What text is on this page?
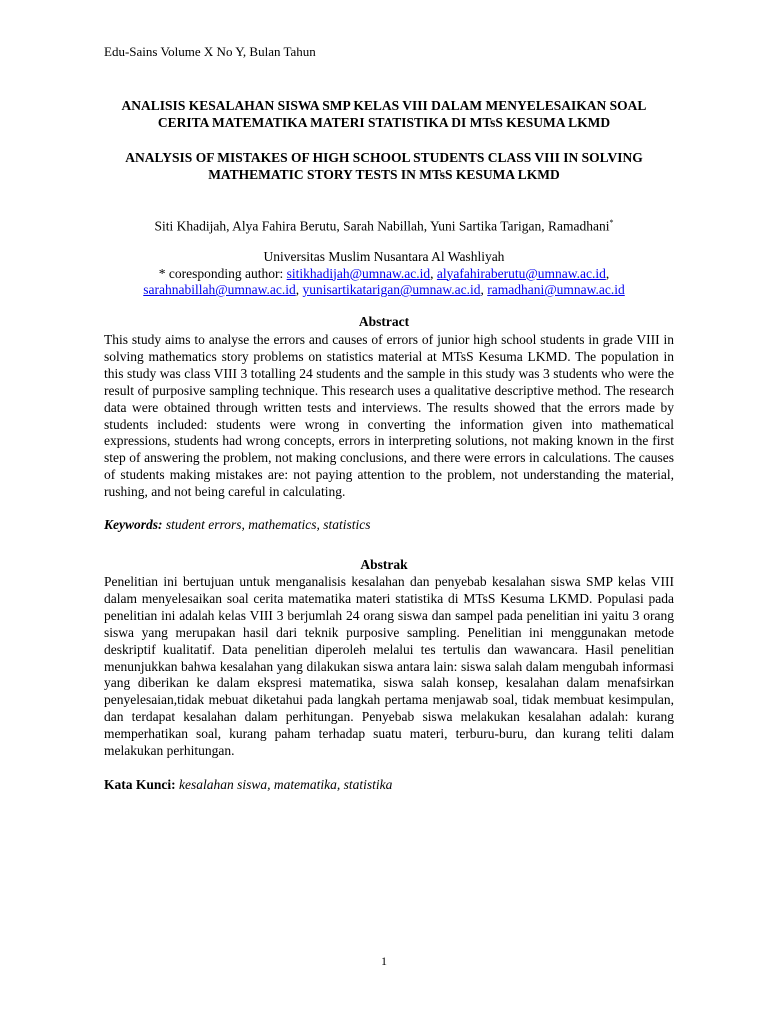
Edu-Sains Volume X No Y, Bulan Tahun

ANALISIS KESALAHAN SISWA SMP KELAS VIII DALAM MENYELESAIKAN SOAL CERITA MATEMATIKA MATERI STATISTIKA DI MTsS KESUMA LKMD

ANALYSIS OF MISTAKES OF HIGH SCHOOL STUDENTS CLASS VIII IN SOLVING MATHEMATIC STORY TESTS IN MTsS KESUMA LKMD

Siti Khadijah, Alya Fahira Berutu, Sarah Nabillah, Yuni Sartika Tarigan, Ramadhani*
Universitas Muslim Nusantara Al Washliyah
* coresponding author: sitikhadijah@umnaw.ac.id, alyafahiraberutu@umnaw.ac.id,
sarahnabillah@umnaw.ac.id, yunisartikatarigan@umnaw.ac.id, ramadhani@umnaw.ac.id
Abstract

This study aims to analyse the errors and causes of errors of junior high school students in grade VIII in solving mathematics story problems on statistics material at MTsS Kesuma LKMD. The population in this study was class VIII 3 totalling 24 students and the sample in this study was 3 students who were the result of purposive sampling technique. This research uses a qualitative descriptive method. The research data were obtained through written tests and interviews. The results showed that the errors made by students included: students were wrong in converting the information given into mathematical expressions, students had wrong concepts, errors in interpreting solutions, not making known in the first step of answering the problem, not making conclusions, and there were errors in calculations. The causes of students making mistakes are: not paying attention to the problem, not understanding the material, rushing, and not being careful in calculating.

Keywords: student errors, mathematics, statistics
Abstrak

Penelitian ini bertujuan untuk menganalisis kesalahan dan penyebab kesalahan siswa SMP kelas VIII dalam menyelesaikan soal cerita matematika materi statistika di MTsS Kesuma LKMD. Populasi pada penelitian ini adalah kelas VIII 3 berjumlah 24 orang siswa dan sampel pada penelitian ini yaitu 3 orang siswa yang merupakan hasil dari teknik purposive sampling. Penelitian ini menggunakan metode deskriptif kualitatif. Data penelitian diperoleh melalui tes tertulis dan wawancara. Hasil penelitian menunjukkan bahwa kesalahan yang dilakukan siswa antara lain: siswa salah dalam mengubah informasi yang diberikan ke dalam ekspresi matematika, siswa salah konsep, kesalahan dalam menafsirkan penyelesaian,tidak mebuat diketahui pada langkah pertama menjawab soal, tidak membuat kesimpulan, dan terdapat kesalahan dalam perhitungan. Penyebab siswa melakukan kesalahan adalah: kurang memperhatikan soal, kurang paham terhadap suatu materi, terburu-buru, dan kurang teliti dalam melakukan perhitungan.

Kata Kunci: kesalahan siswa, matematika, statistika
1
